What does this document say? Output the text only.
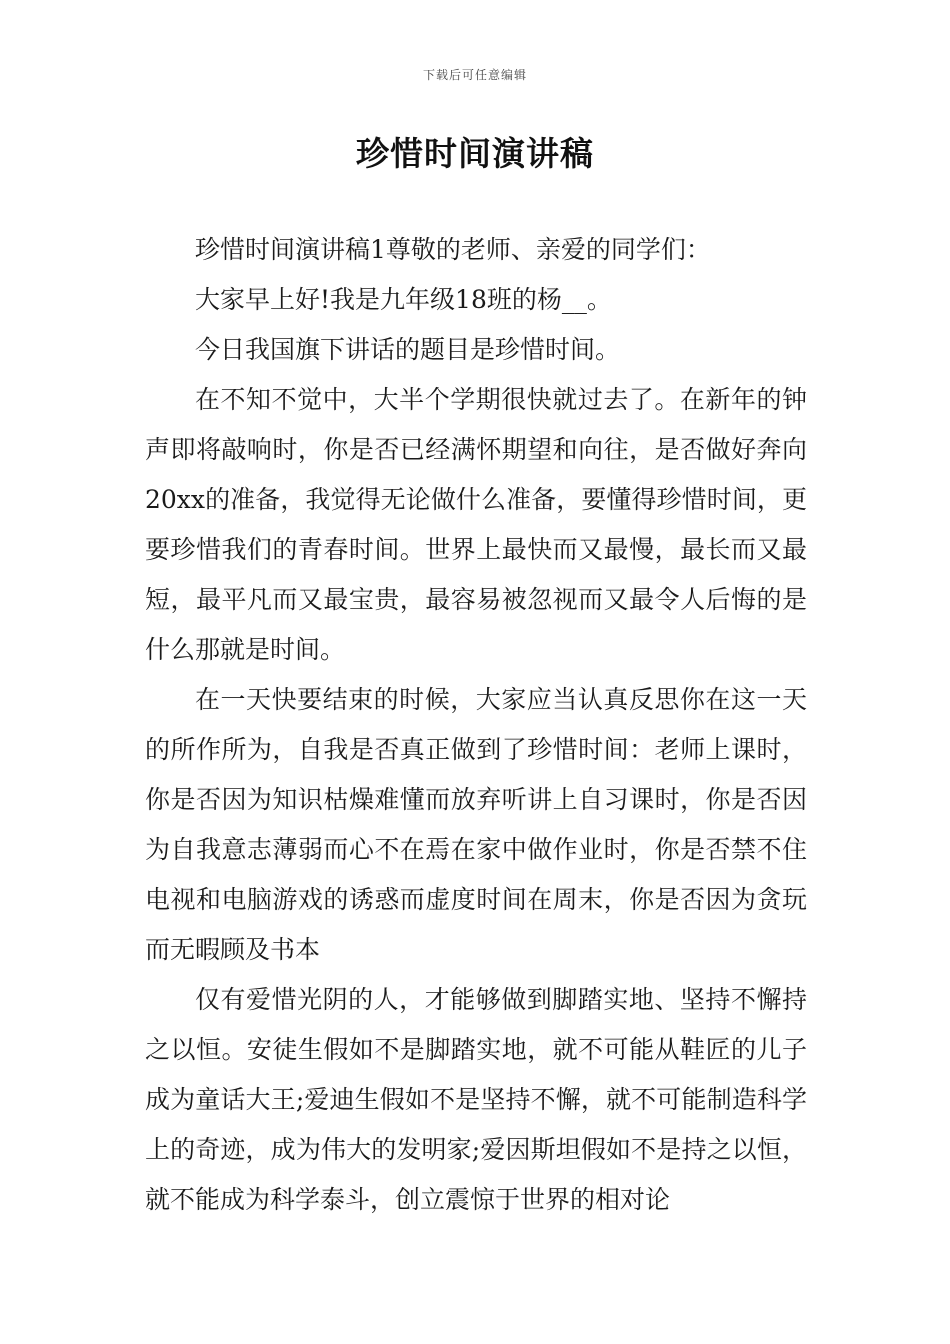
下载后可任意编辑
珍惜时间演讲稿

珍惜时间演讲稿1尊敬的老师、亲爱的同学们：

大家早上好!我是九年级18班的杨__。

今日我国旗下讲话的题目是珍惜时间。

在不知不觉中，大半个学期很快就过去了。在新年的钟声即将敲响时，你是否已经满怀期望和向往，是否做好奔向20xx的准备，我觉得无论做什么准备，要懂得珍惜时间，更要珍惜我们的青春时间。世界上最快而又最慢，最长而又最短，最平凡而又最宝贵，最容易被忽视而又最令人后悔的是什么那就是时间。

在一天快要结束的时候，大家应当认真反思你在这一天的所作所为，自我是否真正做到了珍惜时间：老师上课时，你是否因为知识枯燥难懂而放弃听讲上自习课时，你是否因为自我意志薄弱而心不在焉在家中做作业时，你是否禁不住电视和电脑游戏的诱惑而虚度时间在周末，你是否因为贪玩而无暇顾及书本

仅有爱惜光阴的人，才能够做到脚踏实地、坚持不懈持之以恒。安徒生假如不是脚踏实地，就不可能从鞋匠的儿子成为童话大王;爱迪生假如不是坚持不懈，就不可能制造科学上的奇迹，成为伟大的发明家;爱因斯坦假如不是持之以恒，就不能成为科学泰斗，创立震惊于世界的相对论
